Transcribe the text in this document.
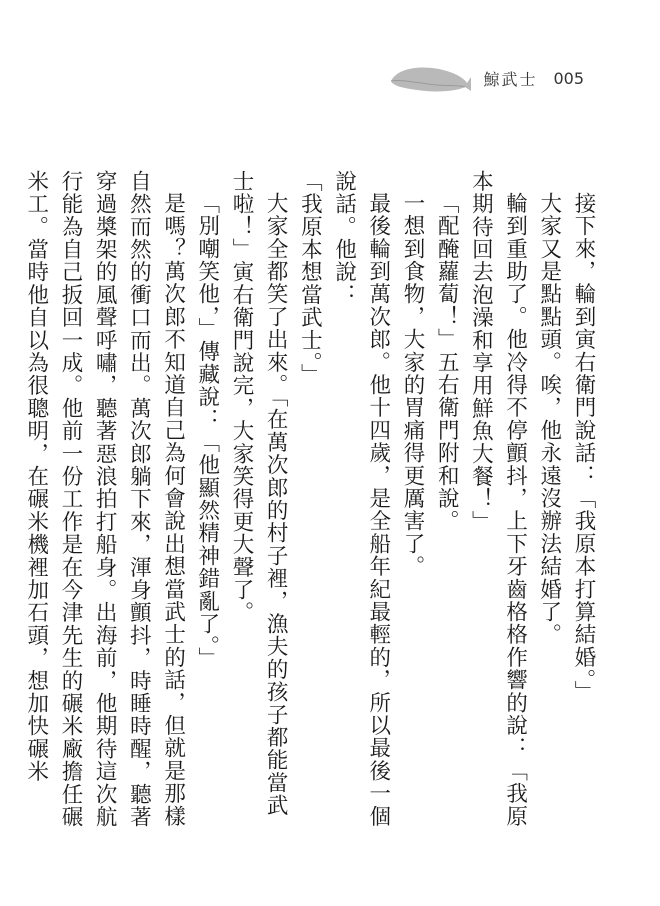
鯨武士 005

接下來，輪到寅右衛門說話：「我原本打算結婚。」

大家又是點點頭。唉，他永遠沒辦法結婚了。

輪到重助了。他冷得不停顫抖，上下牙齒格格作響的說：「我原本期待回去泡澡和享用鮮魚大餐！」

「配醃蘿蔔！」五右衛門附和說。

一想到食物，大家的胃痛得更厲害了。

最後輪到萬次郎。他十四歲，是全船年紀最輕的，所以最後一個說話。他說：

「我原本想當武士。」

大家全都笑了出來。「在萬次郎的村子裡，漁夫的孩子都能當武士啦！」寅右衛門說完，大家笑得更大聲了。

「別嘲笑他，」傳藏說：「他顯然精神錯亂了。」

是嗎？萬次郎不知道自己為何會說出想當武士的話，但就是那樣自然而然的衝口而出。萬次郎躺下來，渾身顫抖，時睡時醒，聽著穿過槳架的風聲呼嘯，聽著惡浪拍打船身。出海前，他期待這次航行能為自己扳回一成。他前一份工作是在今津先生的碾米廠擔任碾米工。當時他自以為很聰明，在碾米機裡加石頭，想加快碾米
